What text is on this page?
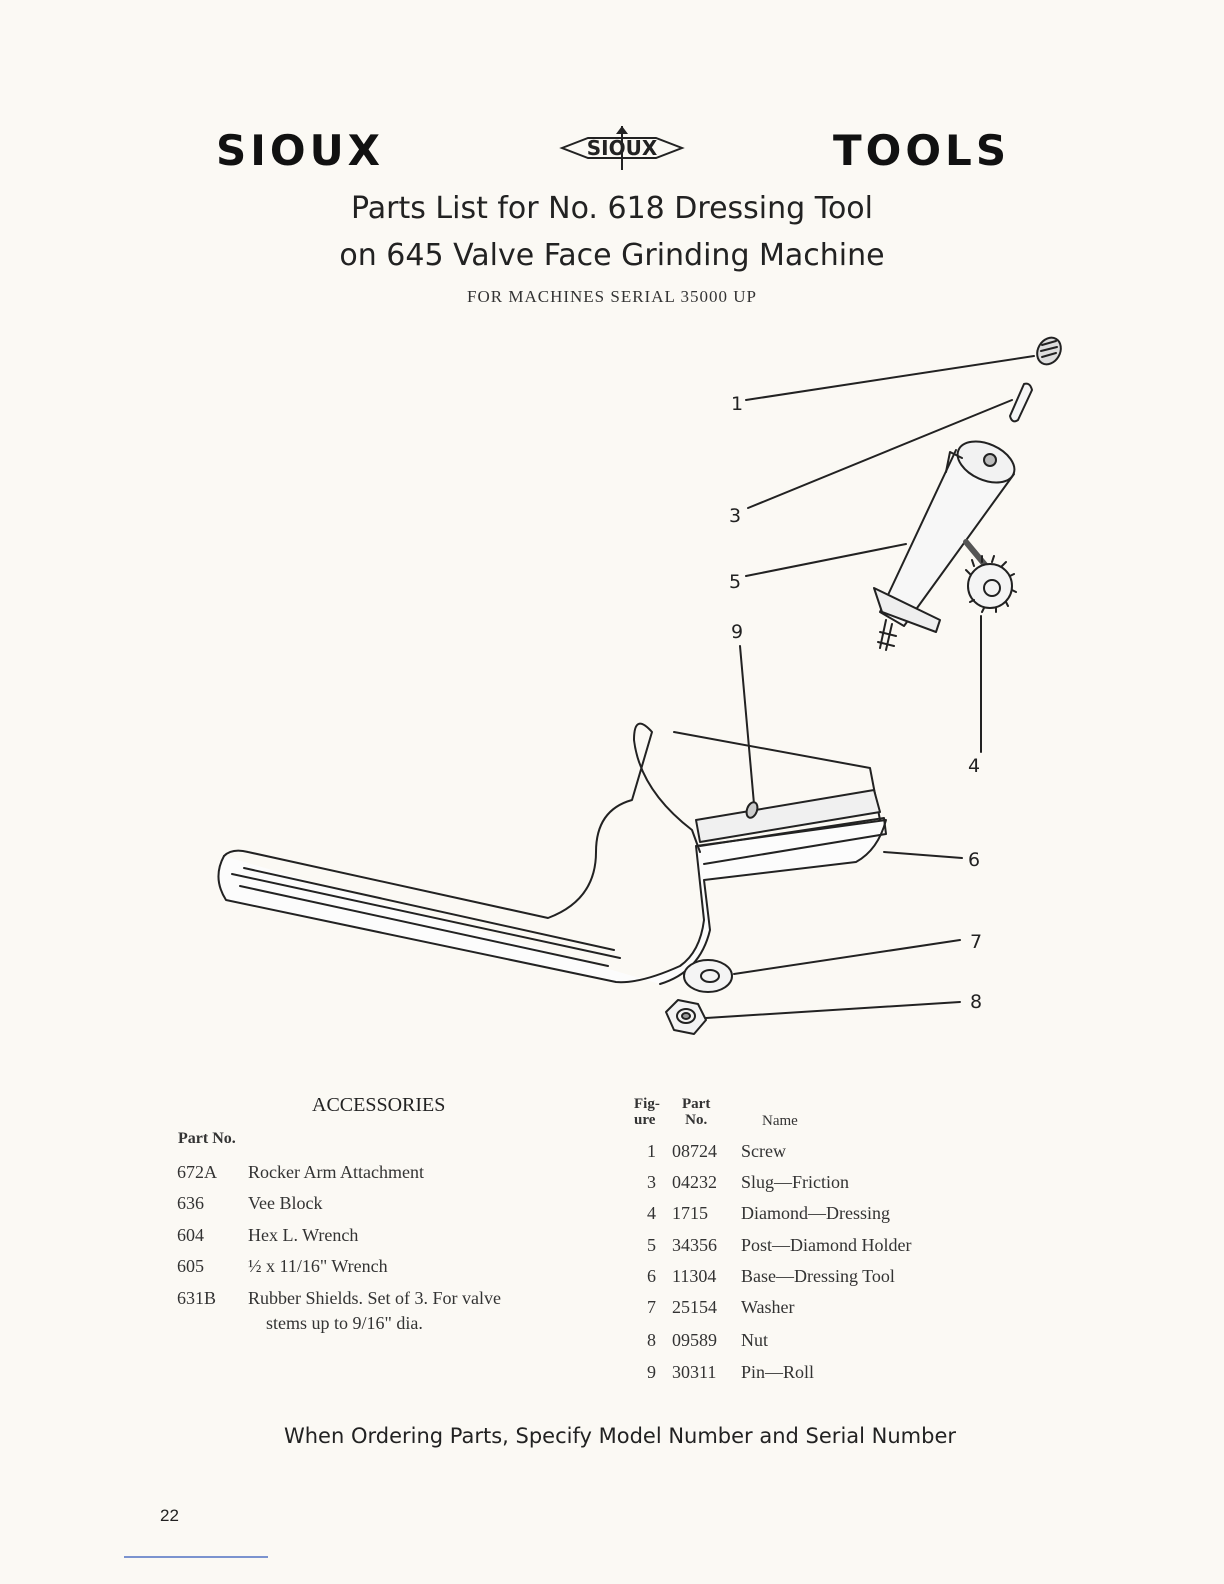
SIOUX	SIOUX	TOOLS
Parts List for No. 618 Dressing Tool
on 645 Valve Face Grinding Machine
FOR MACHINES SERIAL 35000 UP
1
3
5
9
4
6
7
8
ACCESSORIES
Part No.
672A	Rocker Arm Attachment
636	Vee Block
604	Hex L. Wrench
605	½ x 11/16" Wrench
631B	Rubber Shields. Set of 3. For valve
stems up to 9/16" dia.
Fig-
ure
Part
No.	Name
1 08724 Screw
3 04232 Slug—Friction
4 1715 Diamond—Dressing
5 34356 Post—Diamond Holder
6 11304 Base—Dressing Tool
7 25154 Washer
8 09589 Nut
9 30311 Pin—Roll
When Ordering Parts, Specify Model Number and Serial Number
22
